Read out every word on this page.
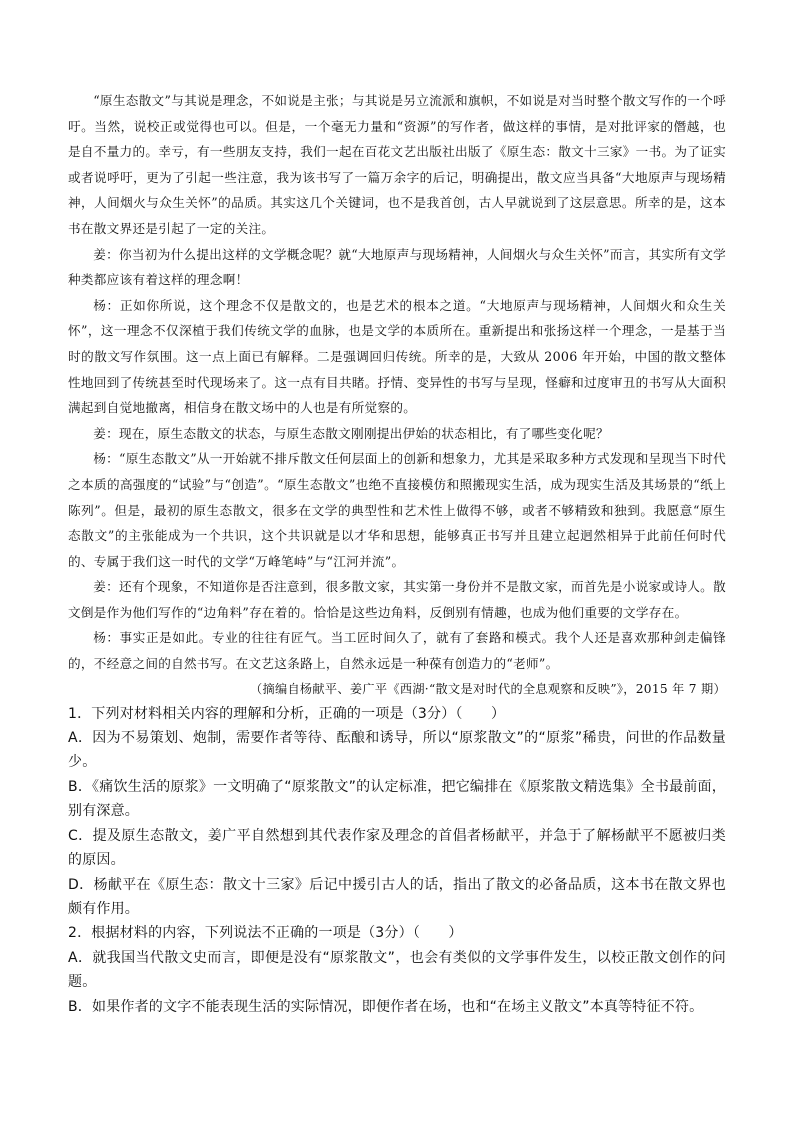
“原生态散文”与其说是理念，不如说是主张；与其说是另立流派和旗帜，不如说是对当时整个散文写作的一个呼吁。当然，说校正或觉得也可以。但是，一个毫无力量和“资源”的写作者，做这样的事情，是对批评家的僭越，也是自不量力的。幸亏，有一些朋友支持，我们一起在百花文艺出版社出版了《原生态：散文十三家》一书。为了证实或者说呼吁，更为了引起一些注意，我为该书写了一篇万余字的后记，明确提出，散文应当具备“大地原声与现场精神，人间烟火与众生关怀”的品质。其实这几个关键词，也不是我首创，古人早就说到了这层意思。所幸的是，这本书在散文界还是引起了一定的关注。

姜：你当初为什么提出这样的文学概念呢？就“大地原声与现场精神，人间烟火与众生关怀”而言，其实所有文学种类都应该有着这样的理念啊！

杨：正如你所说，这个理念不仅是散文的，也是艺术的根本之道。“大地原声与现场精神，人间烟火和众生关怀”，这一理念不仅深植于我们传统文学的血脉，也是文学的本质所在。重新提出和张扬这样一个理念，一是基于当时的散文写作氛围。这一点上面已有解释。二是强调回归传统。所幸的是，大致从 2006 年开始，中国的散文整体性地回到了传统甚至时代现场来了。这一点有目共睹。抒情、变异性的书写与呈现，怪癖和过度审丑的书写从大面积满起到自觉地撤离，相信身在散文场中的人也是有所觉察的。

姜：现在，原生态散文的状态，与原生态散文刚刚提出伊始的状态相比，有了哪些变化呢？

杨：“原生态散文”从一开始就不排斥散文任何层面上的创新和想象力，尤其是采取多种方式发现和呈现当下时代之本质的高强度的“试验”与“创造”。“原生态散文”也绝不直接模仿和照搬现实生活，成为现实生活及其场景的“纸上陈列”。但是，最初的原生态散文，很多在文学的典型性和艺术性上做得不够，或者不够精致和独到。我愿意“原生态散文”的主张能成为一个共识，这个共识就是以才华和思想，能够真正书写并且建立起迥然相异于此前任何时代的、专属于我们这一时代的文学“万峰笔峙”与“江河并流”。

姜：还有个现象，不知道你是否注意到，很多散文家，其实第一身份并不是散文家，而首先是小说家或诗人。散文倒是作为他们写作的“边角料”存在着的。恰恰是这些边角料，反倒别有情趣，也成为他们重要的文学存在。

杨：事实正是如此。专业的往往有匠气。当工匠时间久了，就有了套路和模式。我个人还是喜欢那种剑走偏锋的，不经意之间的自然书写。在文艺这条路上，自然永远是一种葆有创造力的“老师”。

（摘编自杨献平、姜广平《西湖·“散文是对时代的全息观察和反映”》，2015 年 7 期）

1．下列对材料相关内容的理解和分析，正确的一项是（3分）（　　）

A．因为不易策划、炮制，需要作者等待、酝酿和诱导，所以“原浆散文”的“原浆”稀贵，问世的作品数量少。

B．《痛饮生活的原浆》一文明确了“原浆散文”的认定标准，把它编排在《原浆散文精选集》全书最前面，别有深意。

C．提及原生态散文，姜广平自然想到其代表作家及理念的首倡者杨献平，并急于了解杨献平不愿被归类的原因。

D．杨献平在《原生态：散文十三家》后记中援引古人的话，指出了散文的必备品质，这本书在散文界也颇有作用。

2．根据材料的内容，下列说法不正确的一项是（3分）（　　）

A．就我国当代散文史而言，即便是没有“原浆散文”，也会有类似的文学事件发生，以校正散文创作的问题。

B．如果作者的文字不能表现生活的实际情况，即便作者在场，也和“在场主义散文”本真等特征不符。
